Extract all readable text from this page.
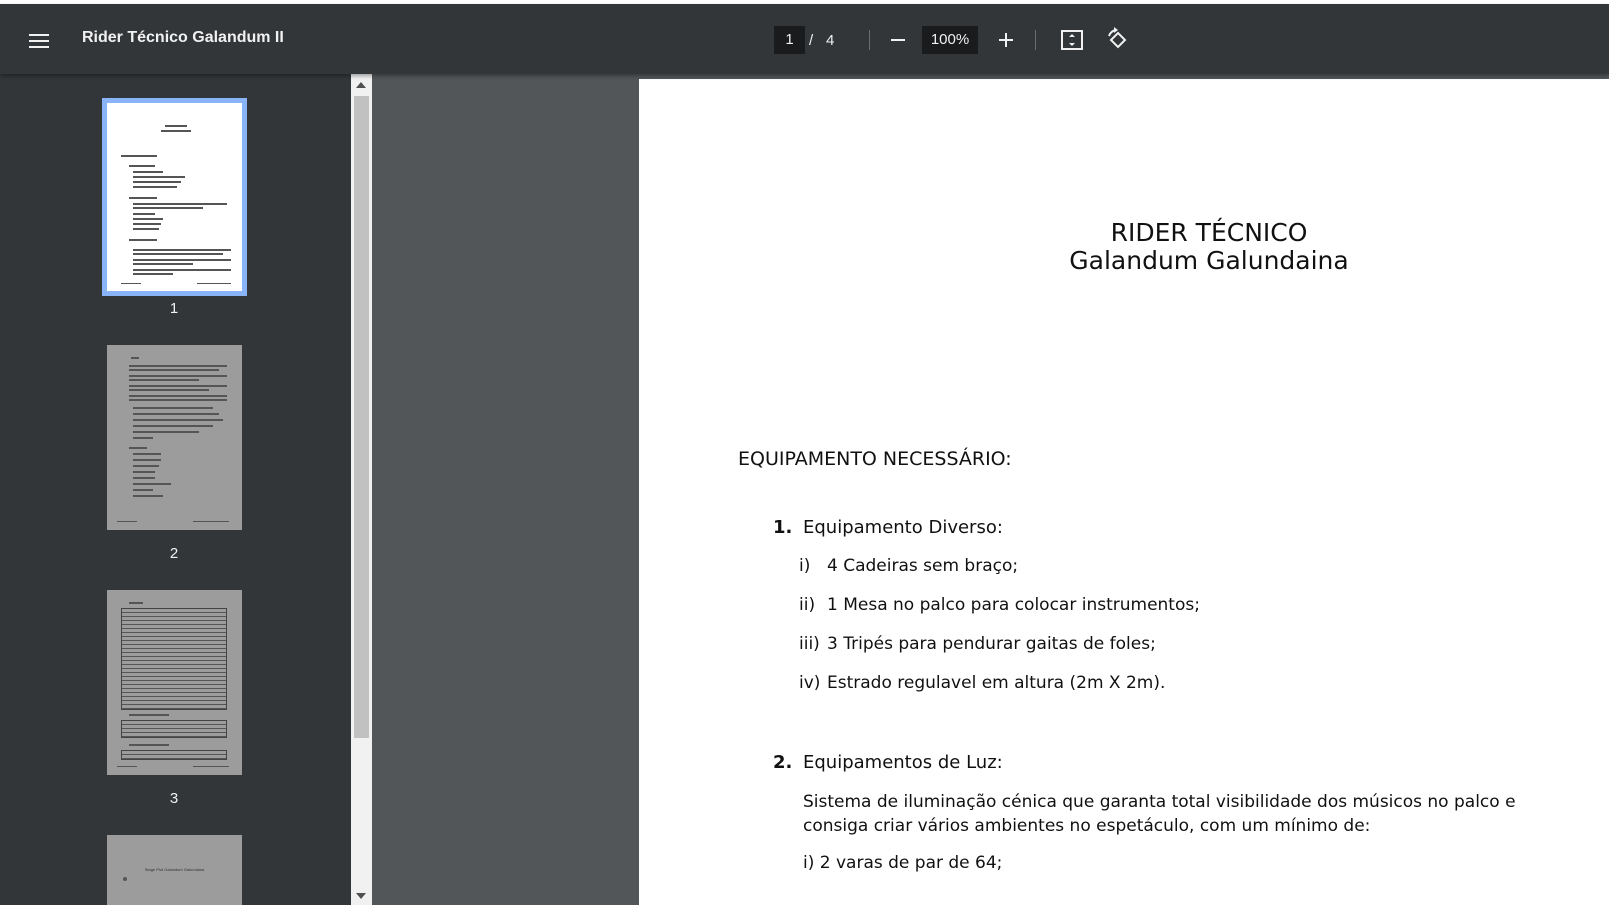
Rider Técnico Galandum II	1	/ 4	100%
1
2
3
Stage Plot Galandum Galundaina
RIDER TÉCNICO
Galandum Galundaina
EQUIPAMENTO NECESSÁRIO:
1. Equipamento Diverso:
i) 4 Cadeiras sem braço;
ii) 1 Mesa no palco para colocar instrumentos;
iii) 3 Tripés para pendurar gaitas de foles;
iv) Estrado regulavel em altura (2m X 2m).
2. Equipamentos de Luz:
Sistema de iluminação cénica que garanta total visibilidade dos músicos no palco e consiga criar vários ambientes no espetáculo, com um mínimo de:
i) 2 varas de par de 64;
